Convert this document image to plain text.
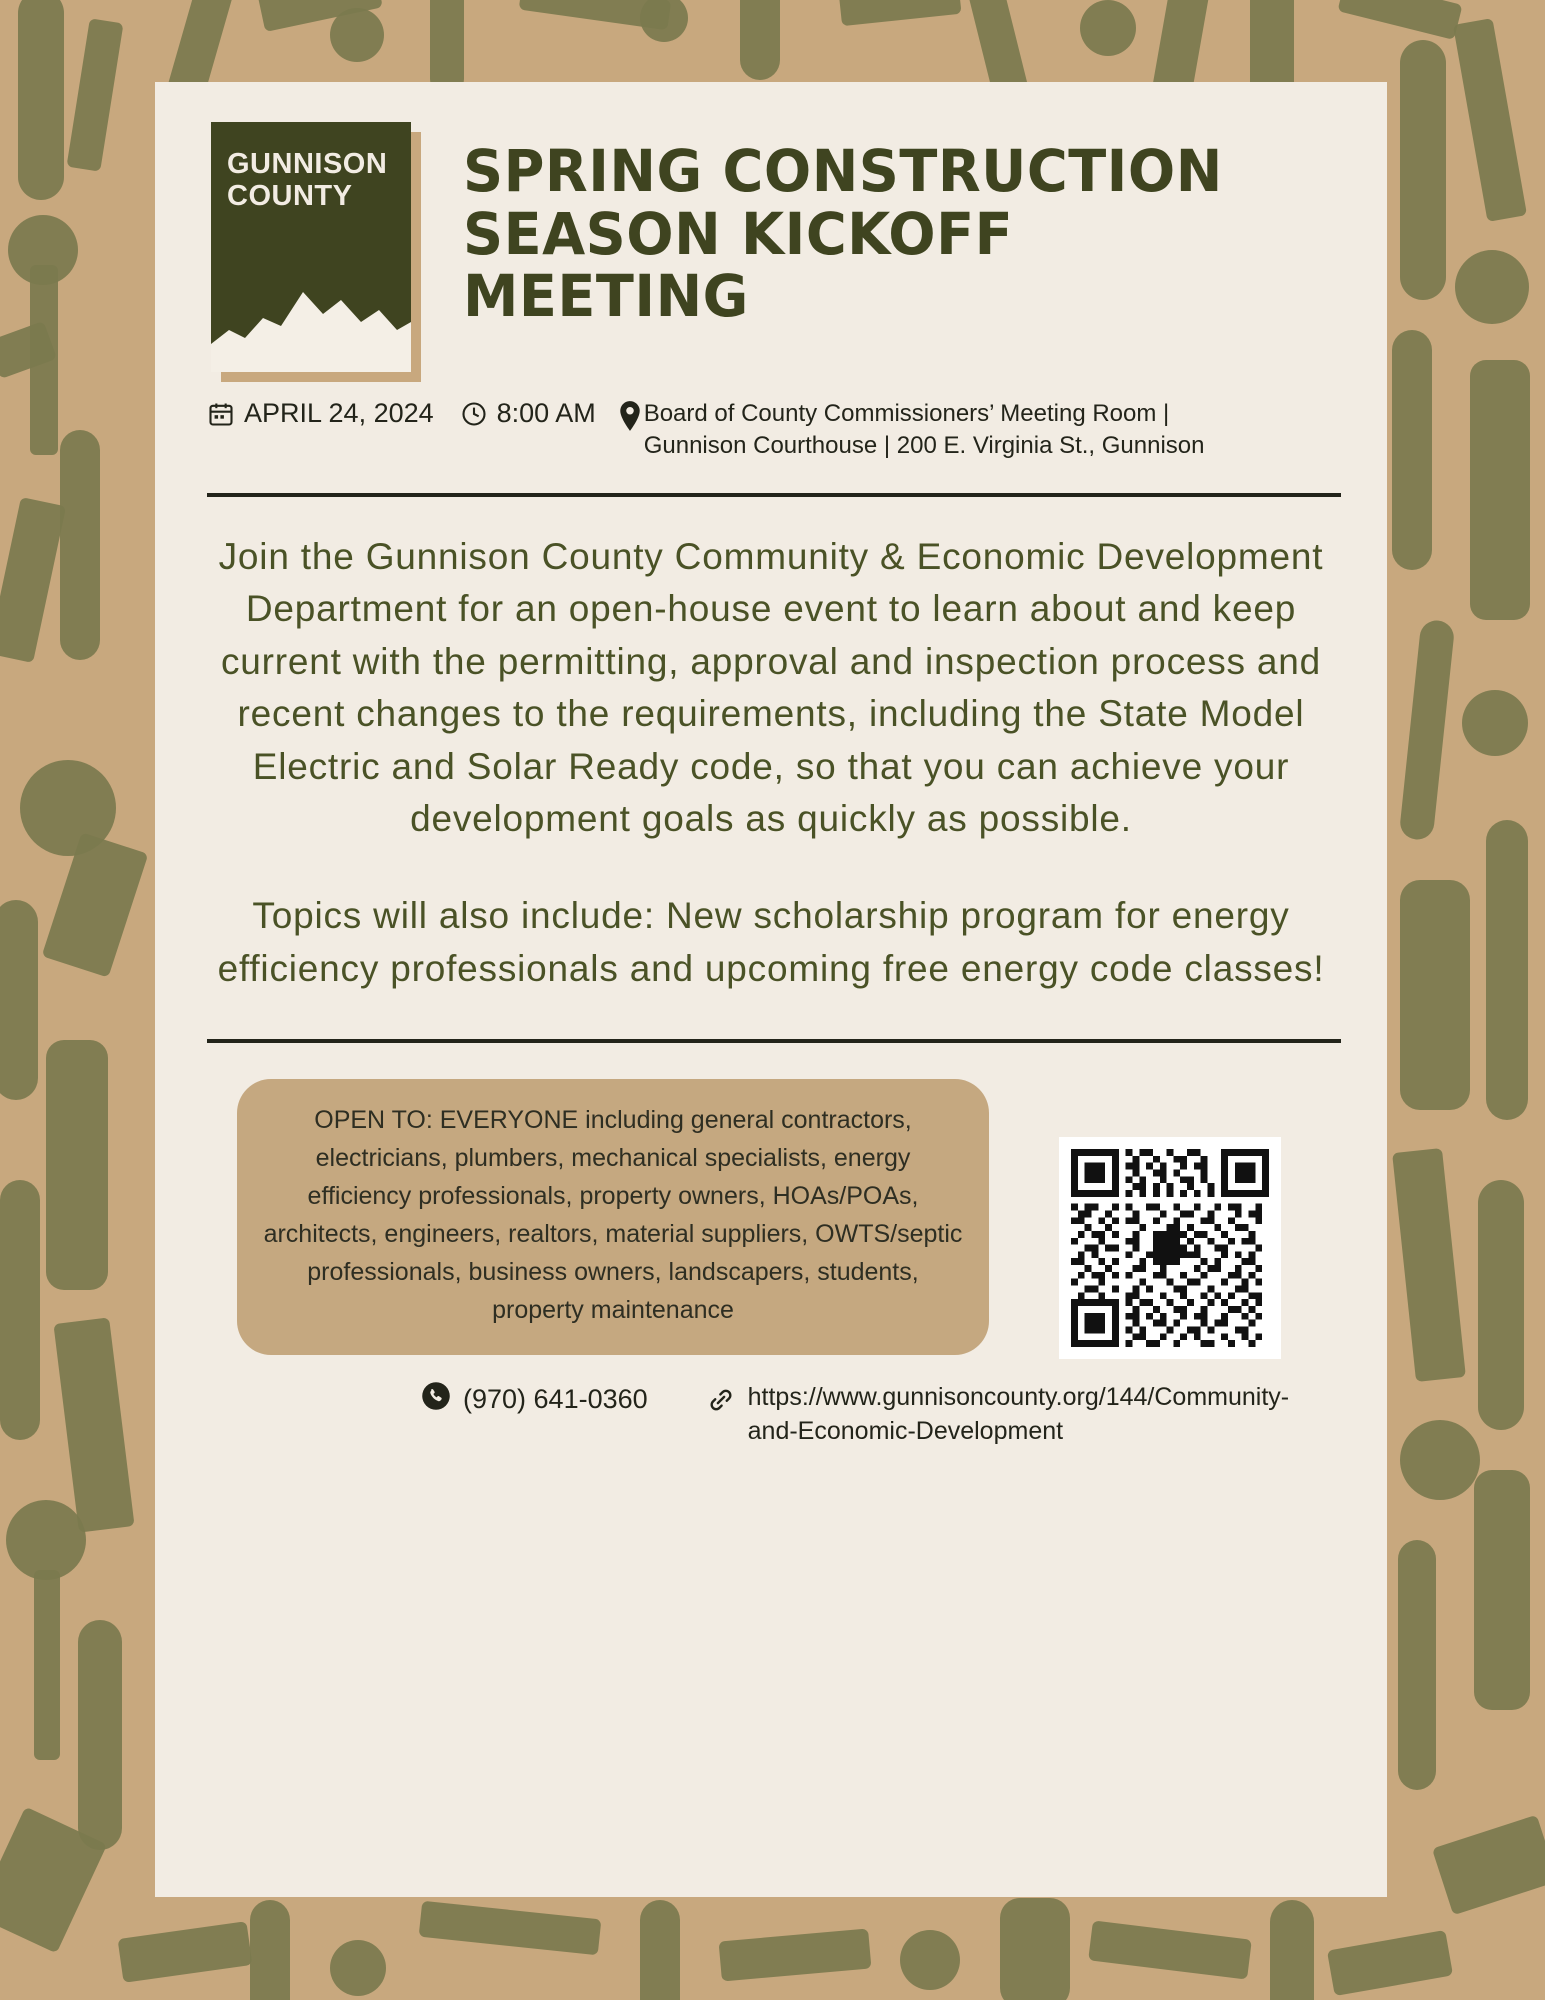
GUNNISON
COUNTY	SPRING CONSTRUCTION SEASON KICKOFF MEETING
APRIL 24, 2024 8:00 AM Board of County Commissioners’ Meeting Room | Gunnison Courthouse | 200 E. Virginia St., Gunnison

Join the Gunnison County Community & Economic Development Department for an open-house event to learn about and keep current with the permitting, approval and inspection process and recent changes to the requirements, including the State Model Electric and Solar Ready code, so that you can achieve your development goals as quickly as possible.

Topics will also include: New scholarship program for energy efficiency professionals and upcoming free energy code classes!

OPEN TO: EVERYONE including general contractors, electricians, plumbers, mechanical specialists, energy efficiency professionals, property owners, HOAs/POAs, architects, engineers, realtors, material suppliers, OWTS/septic professionals, business owners, landscapers, students, property maintenance
(970) 641-0360	https://www.gunnisoncounty.org/144/Community-and-Economic-Development
